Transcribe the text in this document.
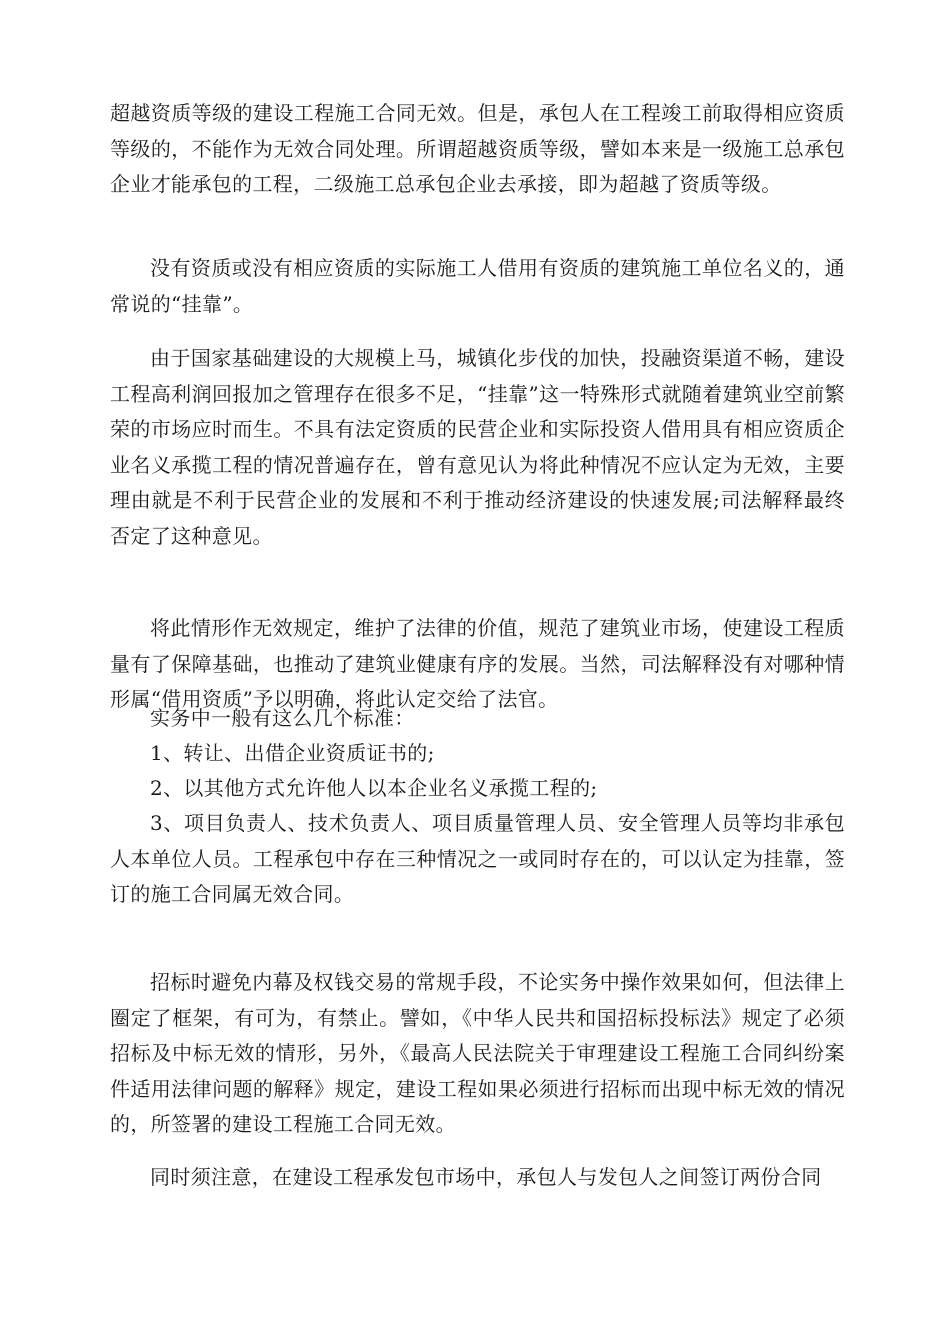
超越资质等级的建设工程施工合同无效。但是，承包人在工程竣工前取得相应资质等级的，不能作为无效合同处理。所谓超越资质等级，譬如本来是一级施工总承包企业才能承包的工程，二级施工总承包企业去承接，即为超越了资质等级。

没有资质或没有相应资质的实际施工人借用有资质的建筑施工单位名义的，通常说的“挂靠”。

由于国家基础建设的大规模上马，城镇化步伐的加快，投融资渠道不畅，建设工程高利润回报加之管理存在很多不足，“挂靠”这一特殊形式就随着建筑业空前繁荣的市场应时而生。不具有法定资质的民营企业和实际投资人借用具有相应资质企业名义承揽工程的情况普遍存在，曾有意见认为将此种情况不应认定为无效，主要理由就是不利于民营企业的发展和不利于推动经济建设的快速发展;司法解释最终否定了这种意见。

将此情形作无效规定，维护了法律的价值，规范了建筑业市场，使建设工程质量有了保障基础，也推动了建筑业健康有序的发展。当然，司法解释没有对哪种情形属“借用资质”予以明确，将此认定交给了法官。

实务中一般有这么几个标准：

1、转让、出借企业资质证书的;

2、以其他方式允许他人以本企业名义承揽工程的;

3、项目负责人、技术负责人、项目质量管理人员、安全管理人员等均非承包人本单位人员。工程承包中存在三种情况之一或同时存在的，可以认定为挂靠，签订的施工合同属无效合同。

招标时避免内幕及权钱交易的常规手段，不论实务中操作效果如何，但法律上圈定了框架，有可为，有禁止。譬如，《中华人民共和国招标投标法》规定了必须招标及中标无效的情形，另外，《最高人民法院关于审理建设工程施工合同纠纷案件适用法律问题的解释》规定，建设工程如果必须进行招标而出现中标无效的情况的，所签署的建设工程施工合同无效。

同时须注意，在建设工程承发包市场中，承包人与发包人之间签订两份合同
